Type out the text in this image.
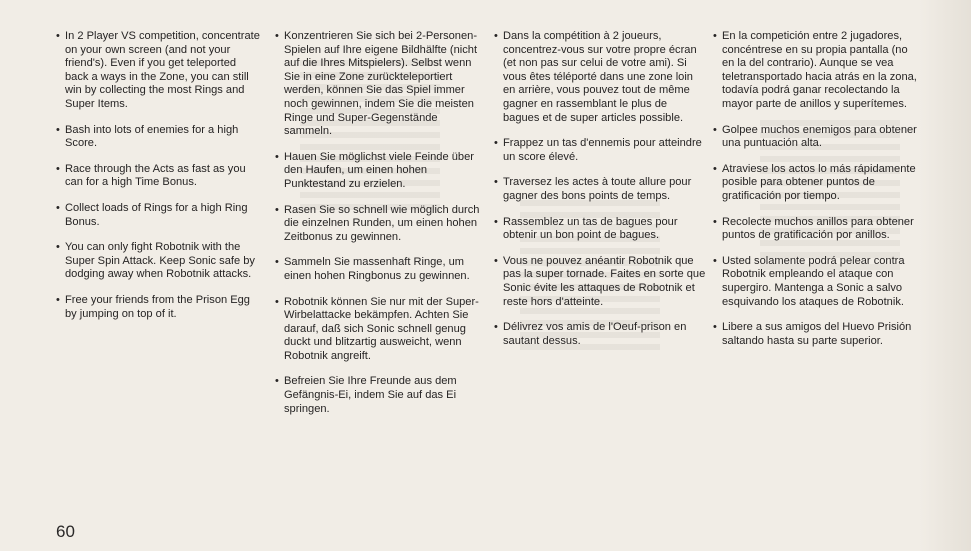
• In 2 Player VS competition, concentrate on your own screen (and not your friend's). Even if you get teleported back a ways in the Zone, you can still win by collecting the most Rings and Super Items.
• Bash into lots of enemies for a high Score.
• Race through the Acts as fast as you can for a high Time Bonus.
• Collect loads of Rings for a high Ring Bonus.
• You can only fight Robotnik with the Super Spin Attack. Keep Sonic safe by dodging away when Robotnik attacks.
• Free your friends from the Prison Egg by jumping on top of it.
• Konzentrieren Sie sich bei 2-Personen-Spielen auf Ihre eigene Bildhälfte (nicht auf die Ihres Mitspielers). Selbst wenn Sie in eine Zone zurückteleportiert werden, können Sie das Spiel immer noch gewinnen, indem Sie die meisten Ringe und Super-Gegenstände sammeln.
• Hauen Sie möglichst viele Feinde über den Haufen, um einen hohen Punktestand zu erzielen.
• Rasen Sie so schnell wie möglich durch die einzelnen Runden, um einen hohen Zeitbonus zu gewinnen.
• Sammeln Sie massenhaft Ringe, um einen hohen Ringbonus zu gewinnen.
• Robotnik können Sie nur mit der Super-Wirbelattacke bekämpfen. Achten Sie darauf, daß sich Sonic schnell genug duckt und blitzartig ausweicht, wenn Robotnik angreift.
• Befreien Sie Ihre Freunde aus dem Gefängnis-Ei, indem Sie auf das Ei springen.
• Dans la compétition à 2 joueurs, concentrez-vous sur votre propre écran (et non pas sur celui de votre ami). Si vous êtes téléporté dans une zone loin en arrière, vous pouvez tout de même gagner en rassemblant le plus de bagues et de super articles possible.
• Frappez un tas d'ennemis pour atteindre un score élevé.
• Traversez les actes à toute allure pour gagner des bons points de temps.
• Rassemblez un tas de bagues pour obtenir un bon point de bagues.
• Vous ne pouvez anéantir Robotnik que pas la super tornade. Faites en sorte que Sonic évite les attaques de Robotnik et reste hors d'atteinte.
• Délivrez vos amis de l'Oeuf-prison en sautant dessus.
• En la competición entre 2 jugadores, concéntrese en su propia pantalla (no en la del contrario). Aunque se vea teletransportado hacia atrás en la zona, todavía podrá ganar recolectando la mayor parte de anillos y superítemes.
• Golpee muchos enemigos para obtener una puntuación alta.
• Atraviese los actos lo más rápidamente posible para obtener puntos de gratificación por tiempo.
• Recolecte muchos anillos para obtener puntos de gratificación por anillos.
• Usted solamente podrá pelear contra Robotnik empleando el ataque con supergiro. Mantenga a Sonic a salvo esquivando los ataques de Robotnik.
• Libere a sus amigos del Huevo Prisión saltando hasta su parte superior.
60
